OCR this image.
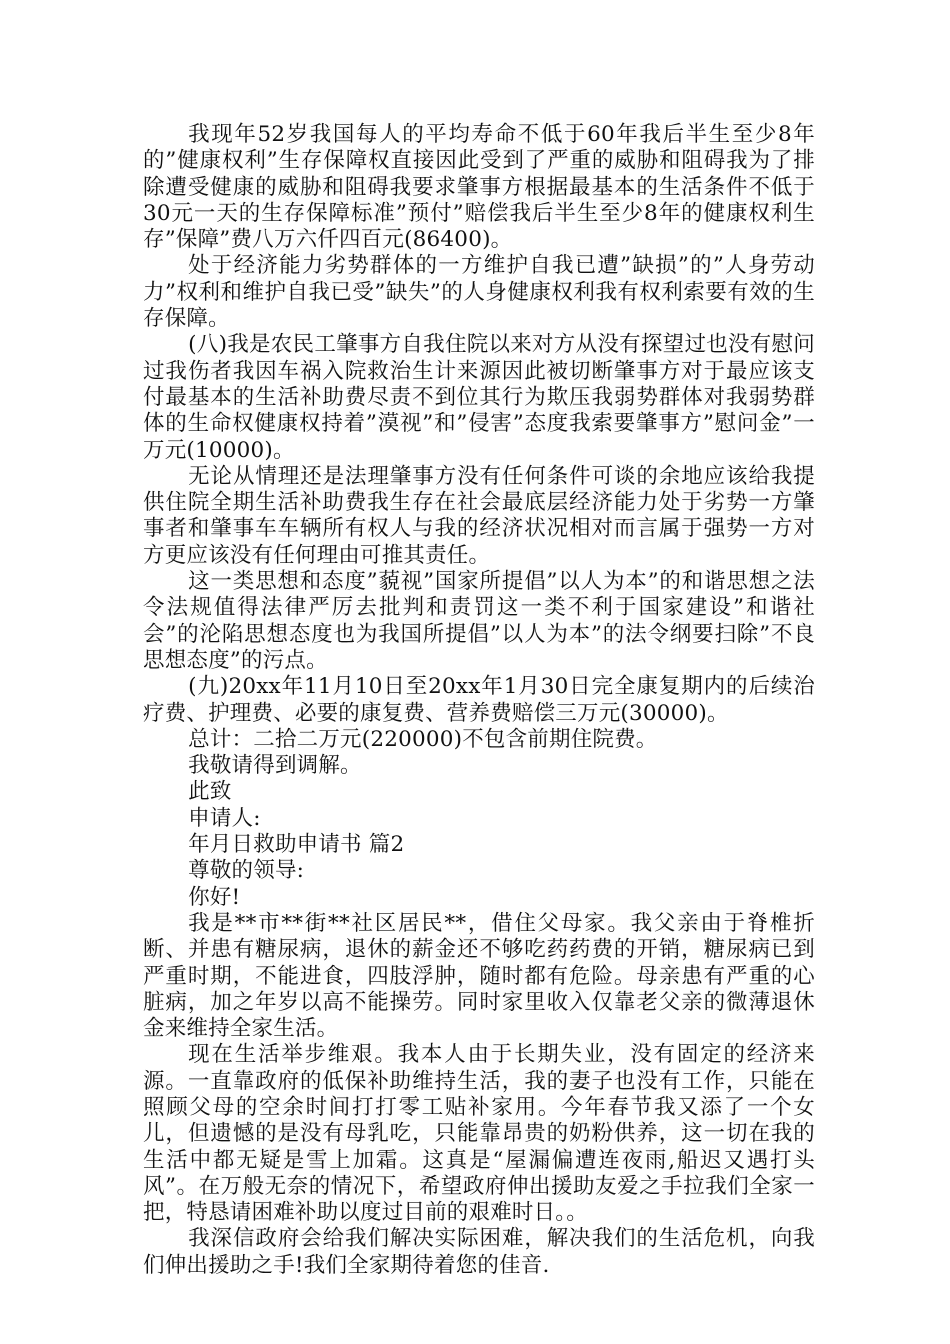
我现年52岁我国每人的平均寿命不低于60年我后半生至少8年的”健康权利”生存保障权直接因此受到了严重的威胁和阻碍我为了排除遭受健康的威胁和阻碍我要求肇事方根据最基本的生活条件不低于30元一天的生存保障标准”预付”赔偿我后半生至少8年的健康权利生存”保障”费八万六仟四百元(86400)。

处于经济能力劣势群体的一方维护自我已遭”缺损”的”人身劳动力”权利和维护自我已受”缺失”的人身健康权利我有权利索要有效的生存保障。

(八)我是农民工肇事方自我住院以来对方从没有探望过也没有慰问过我伤者我因车祸入院救治生计来源因此被切断肇事方对于最应该支付最基本的生活补助费尽责不到位其行为欺压我弱势群体对我弱势群体的生命权健康权持着”漠视”和”侵害”态度我索要肇事方”慰问金”一万元(10000)。

无论从情理还是法理肇事方没有任何条件可谈的余地应该给我提供住院全期生活补助费我生存在社会最底层经济能力处于劣势一方肇事者和肇事车车辆所有权人与我的经济状况相对而言属于强势一方对方更应该没有任何理由可推其责任。

这一类思想和态度”藐视”国家所提倡”以人为本”的和谐思想之法令法规值得法律严厉去批判和责罚这一类不利于国家建设”和谐社会”的沦陷思想态度也为我国所提倡”以人为本”的法令纲要扫除”不良思想态度”的污点。

(九)20xx年11月10日至20xx年1月30日完全康复期内的后续治疗费、护理费、必要的康复费、营养费赔偿三万元(30000)。

总计：二拾二万元(220000)不包含前期住院费。

我敬请得到调解。

此致

申请人:

年月日救助申请书 篇2

尊敬的领导:

你好!

我是**市**街**社区居民**，借住父母家。我父亲由于脊椎折断、并患有糖尿病，退休的薪金还不够吃药药费的开销，糖尿病已到严重时期，不能进食，四肢浮肿，随时都有危险。母亲患有严重的心脏病，加之年岁以高不能操劳。同时家里收入仅靠老父亲的微薄退休金来维持全家生活。

现在生活举步维艰。我本人由于长期失业，没有固定的经济来源。一直靠政府的低保补助维持生活，我的妻子也没有工作，只能在照顾父母的空余时间打打零工贴补家用。今年春节我又添了一个女儿，但遗憾的是没有母乳吃，只能靠昂贵的奶粉供养，这一切在我的生活中都无疑是雪上加霜。这真是“屋漏偏遭连夜雨,船迟又遇打头风”。在万般无奈的情况下，希望政府伸出援助友爱之手拉我们全家一把，特恳请困难补助以度过目前的艰难时日。。

我深信政府会给我们解决实际困难，解决我们的生活危机，向我们伸出援助之手!我们全家期待着您的佳音.
